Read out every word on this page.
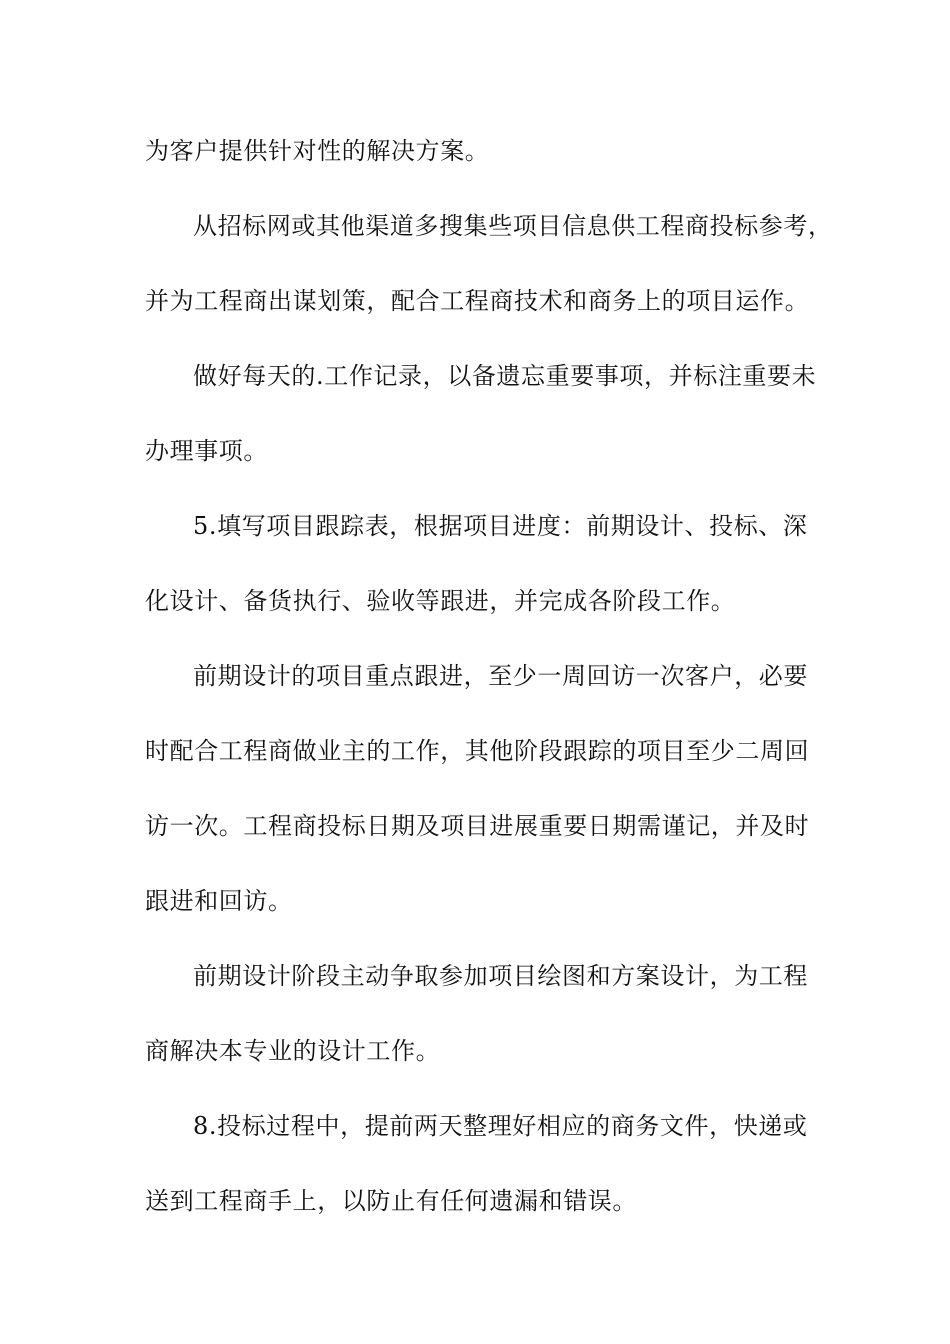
为客户提供针对性的解决方案。
从招标网或其他渠道多搜集些项目信息供工程商投标参考，
并为工程商出谋划策，配合工程商技术和商务上的项目运作。
做好每天的.工作记录，以备遗忘重要事项，并标注重要未
办理事项。
5.填写项目跟踪表，根据项目进度：前期设计、投标、深
化设计、备货执行、验收等跟进，并完成各阶段工作。
前期设计的项目重点跟进，至少一周回访一次客户，必要
时配合工程商做业主的工作，其他阶段跟踪的项目至少二周回
访一次。工程商投标日期及项目进展重要日期需谨记，并及时
跟进和回访。
前期设计阶段主动争取参加项目绘图和方案设计，为工程
商解决本专业的设计工作。
8.投标过程中，提前两天整理好相应的商务文件，快递或
送到工程商手上，以防止有任何遗漏和错误。
